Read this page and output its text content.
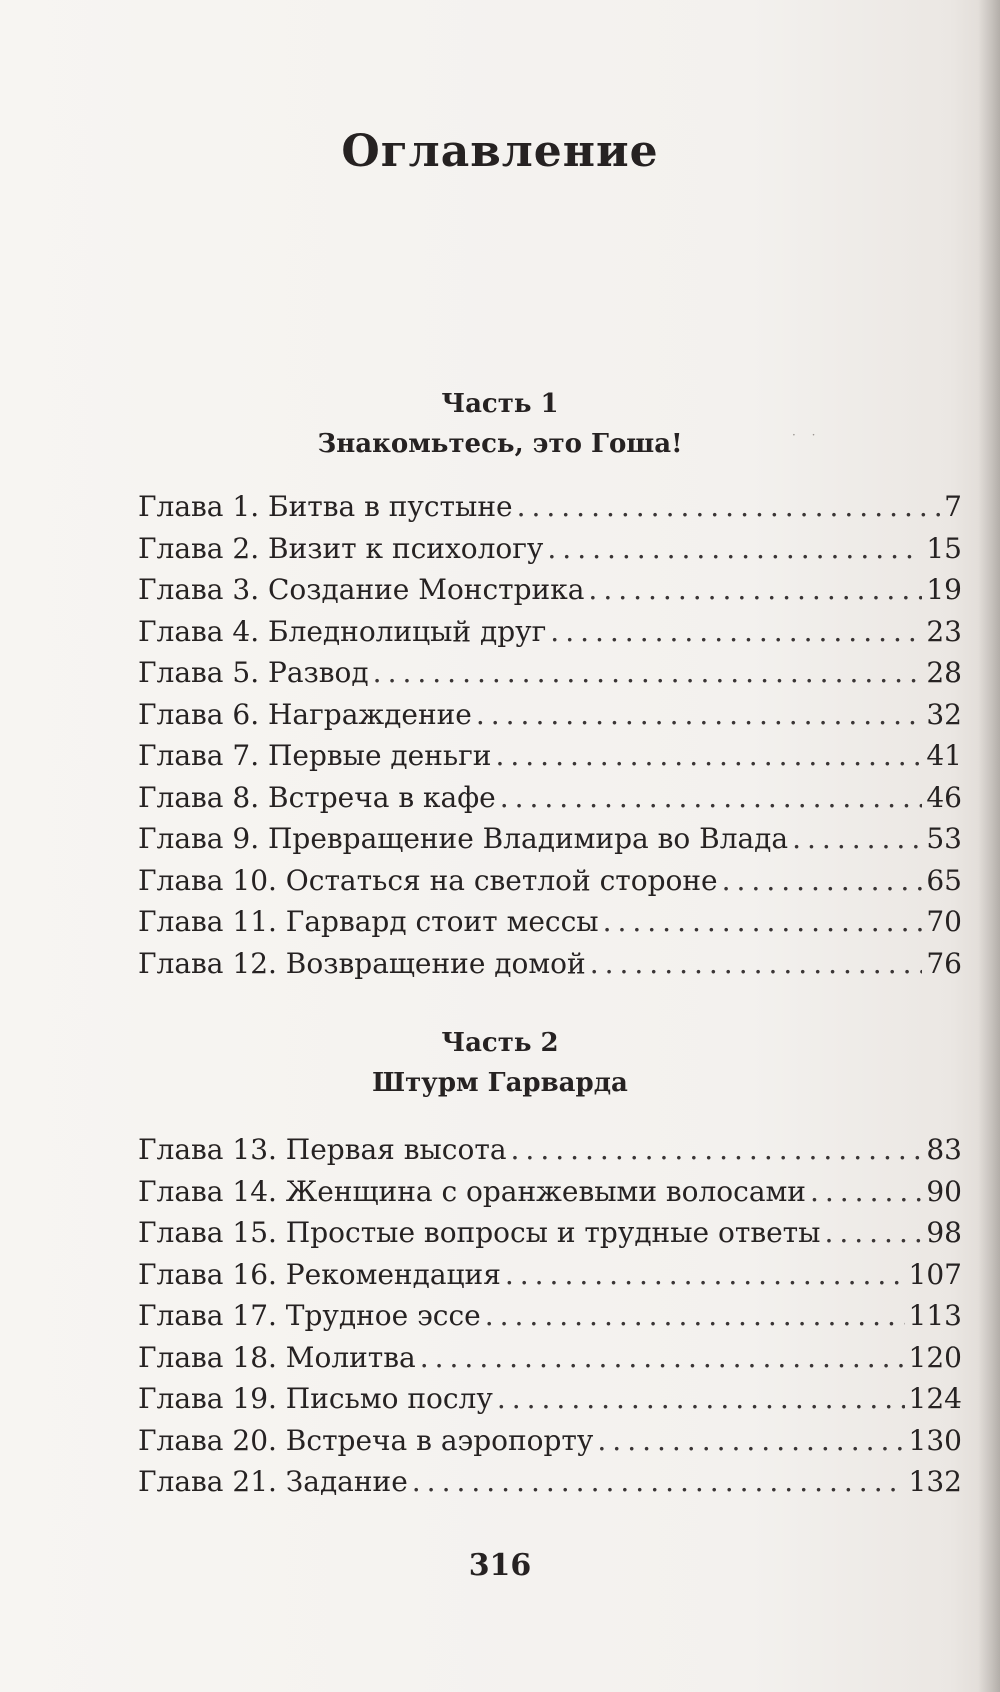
Оглавление
· ·
Часть 1
Знакомьтесь, это Гоша!
Глава 1. Битва в пустыне .....	7
Глава 2. Визит к психологу .....	15
Глава 3. Создание Монстрика .....	19
Глава 4. Бледнолицый друг .....	23
Глава 5. Развод .....	28
Глава 6. Награждение .....	32
Глава 7. Первые деньги .....	41
Глава 8. Встреча в кафе .....	46
Глава 9. Превращение Владимира во Влада .....	53
Глава 10. Остаться на светлой стороне .....	65
Глава 11. Гарвард стоит мессы .....	70
Глава 12. Возвращение домой .....	76
Часть 2
Штурм Гарварда
Глава 13. Первая высота .....	83
Глава 14. Женщина с оранжевыми волосами .....	90
Глава 15. Простые вопросы и трудные ответы .....	98
Глава 16. Рекомендация .....	107
Глава 17. Трудное эссе .....	113
Глава 18. Молитва .....	120
Глава 19. Письмо послу .....	124
Глава 20. Встреча в аэропорту .....	130
Глава 21. Задание .....	132
316
